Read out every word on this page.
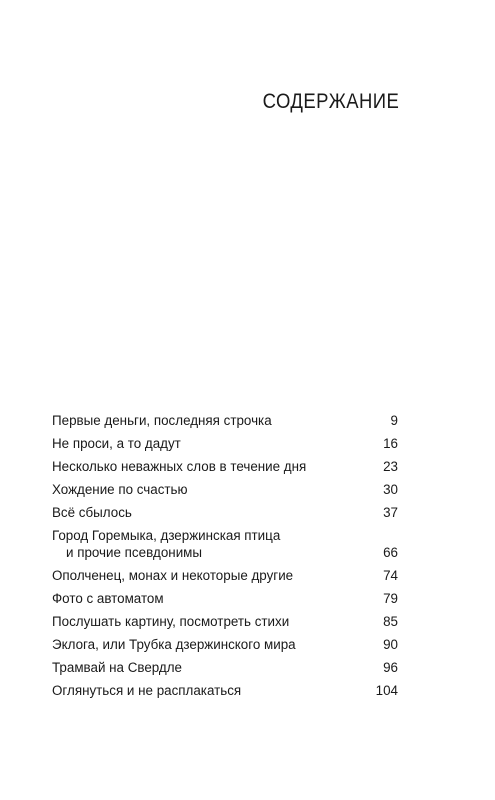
СОДЕРЖАНИЕ
Первые деньги, последняя строчка	9
Не проси, а то дадут	16
Несколько неважных слов в течение дня	23
Хождение по счастью	30
Всё сбылось	37
Город Горемыка, дзержинская птица
и прочие псевдонимы	66
Ополченец, монах и некоторые другие	74
Фото с автоматом	79
Послушать картину, посмотреть стихи	85
Эклога, или Трубка дзержинского мира	90
Трамвай на Свердле	96
Оглянуться и не расплакаться	104
